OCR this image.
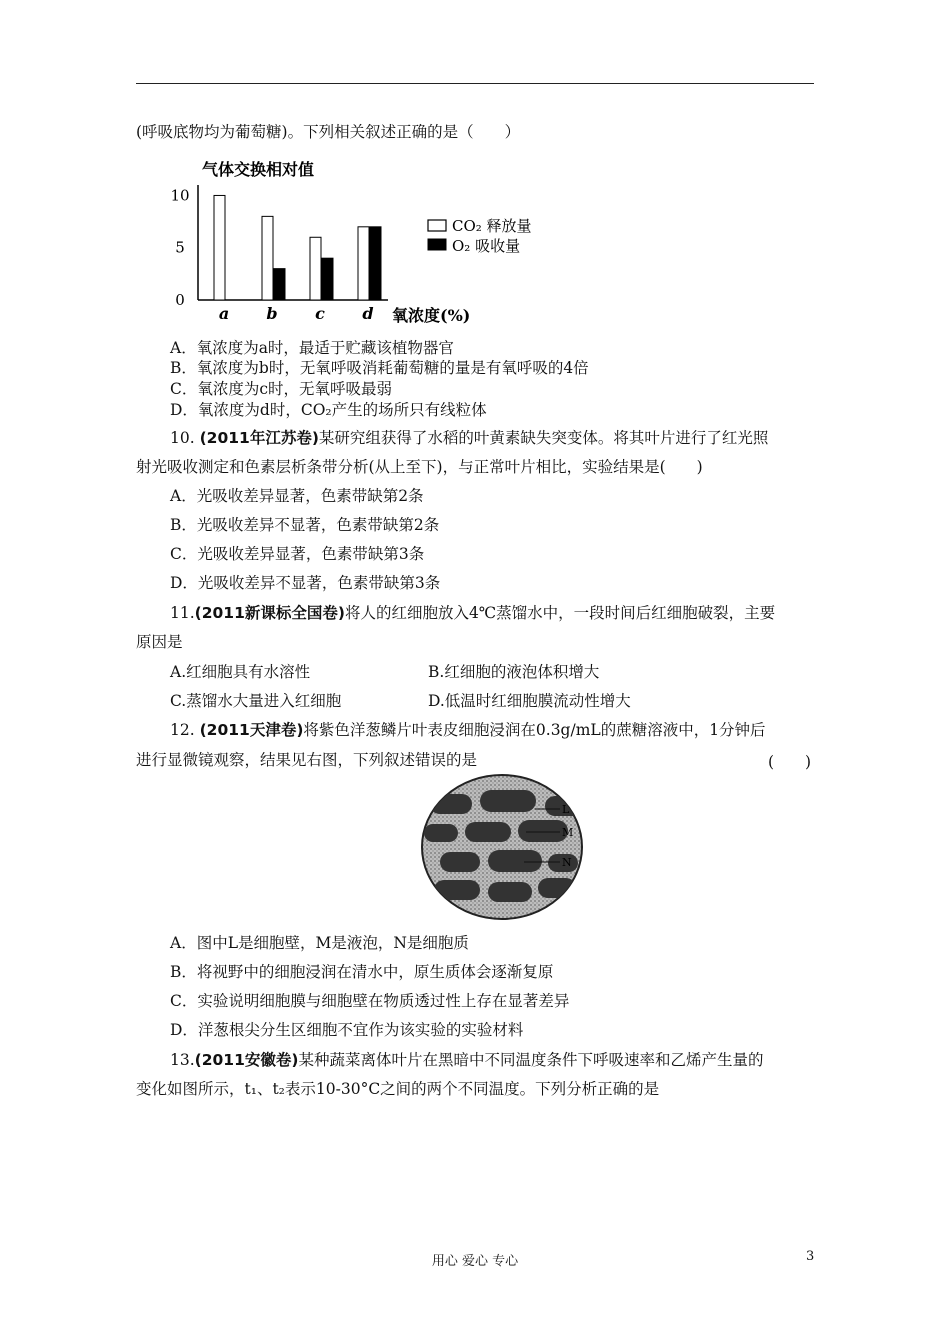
(呼吸底物均为葡萄糖)。下列相关叙述正确的是（　　）
气体交换相对值
10
5
0
a b c d 氧浓度(%)
CO₂ 释放量
O₂ 吸收量
A．氧浓度为a时，最适于贮藏该植物器官
B．氧浓度为b时，无氧呼吸消耗葡萄糖的量是有氧呼吸的4倍
C．氧浓度为c时，无氧呼吸最弱
D．氧浓度为d时，CO₂产生的场所只有线粒体
10. (2011年江苏卷)某研究组获得了水稻的叶黄素缺失突变体。将其叶片进行了红光照
射光吸收测定和色素层析条带分析(从上至下)，与正常叶片相比，实验结果是(　　)
A．光吸收差异显著，色素带缺第2条
B．光吸收差异不显著，色素带缺第2条
C．光吸收差异显著，色素带缺第3条
D．光吸收差异不显著，色素带缺第3条
11.(2011新课标全国卷)将人的红细胞放入4℃蒸馏水中，一段时间后红细胞破裂，主要
原因是
A.红细胞具有水溶性	B.红细胞的液泡体积增大
C.蒸馏水大量进入红细胞	D.低温时红细胞膜流动性增大
12. (2011天津卷)将紫色洋葱鳞片叶表皮细胞浸润在0.3g/mL的蔗糖溶液中，1分钟后
进行显微镜观察，结果见右图，下列叙述错误的是	(　　)
L
M
N
A．图中L是细胞壁，M是液泡，N是细胞质
B．将视野中的细胞浸润在清水中，原生质体会逐渐复原
C．实验说明细胞膜与细胞壁在物质透过性上存在显著差异
D．洋葱根尖分生区细胞不宜作为该实验的实验材料
13.(2011安徽卷)某种蔬菜离体叶片在黑暗中不同温度条件下呼吸速率和乙烯产生量的
变化如图所示，t₁、t₂表示10-30°C之间的两个不同温度。下列分析正确的是
用心 爱心 专心	3
